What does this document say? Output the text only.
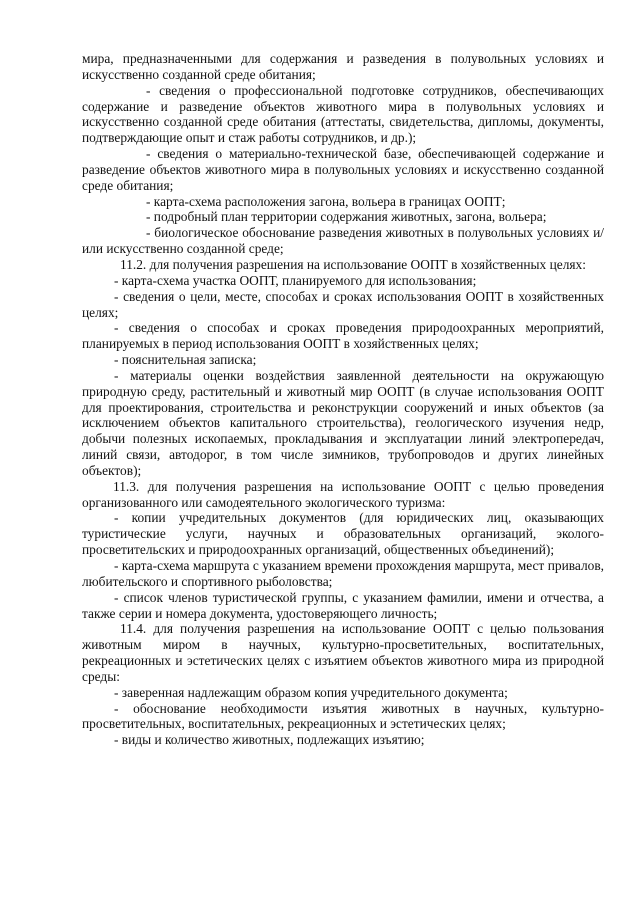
мира, предназначенными для содержания и разведения в полувольных условиях и искусственно созданной среде обитания;

- сведения о профессиональной подготовке сотрудников, обеспечивающих содержание и разведение объектов животного мира в полувольных условиях и искусственно созданной среде обитания (аттестаты, свидетельства, дипломы, документы, подтверждающие опыт и стаж работы сотрудников, и др.);

- сведения о материально-технической базе, обеспечивающей содержание и разведение объектов животного мира в полувольных условиях и искусственно созданной среде обитания;

- карта-схема расположения загона, вольера в границах ООПТ;

- подробный план территории содержания животных, загона, вольера;

- биологическое обоснование разведения животных в полувольных условиях и/или искусственно созданной среде;

11.2. для получения разрешения на использование ООПТ в хозяйственных целях:

- карта-схема участка ООПТ, планируемого для использования;

- сведения о цели, месте, способах и сроках использования ООПТ в хозяйственных целях;

- сведения о способах и сроках проведения природоохранных мероприятий, планируемых в период использования ООПТ в хозяйственных целях;

- пояснительная записка;

- материалы оценки воздействия заявленной деятельности на окружающую природную среду, растительный и животный мир ООПТ (в случае использования ООПТ для проектирования, строительства и реконструкции сооружений и иных объектов (за исключением объектов капитального строительства), геологического изучения недр, добычи полезных ископаемых, прокладывания и эксплуатации линий электропередач, линий связи, автодорог, в том числе зимников, трубопроводов и других линейных объектов);

11.3. для получения разрешения на использование ООПТ с целью проведения организованного или самодеятельного экологического туризма:

- копии учредительных документов (для юридических лиц, оказывающих туристические услуги, научных и образовательных организаций, эколого-просветительских и природоохранных организаций, общественных объединений);

- карта-схема маршрута с указанием времени прохождения маршрута, мест привалов, любительского и спортивного рыболовства;

- список членов туристической группы, с указанием фамилии, имени и отчества, а также серии и номера документа, удостоверяющего личность;

11.4. для получения разрешения на использование ООПТ с целью пользования животным миром в научных, культурно-просветительных, воспитательных, рекреационных и эстетических целях с изъятием объектов животного мира из природной среды:

- заверенная надлежащим образом копия учредительного документа;

- обоснование необходимости изъятия животных в научных, культурно-просветительных, воспитательных, рекреационных и эстетических целях;

- виды и количество животных, подлежащих изъятию;
